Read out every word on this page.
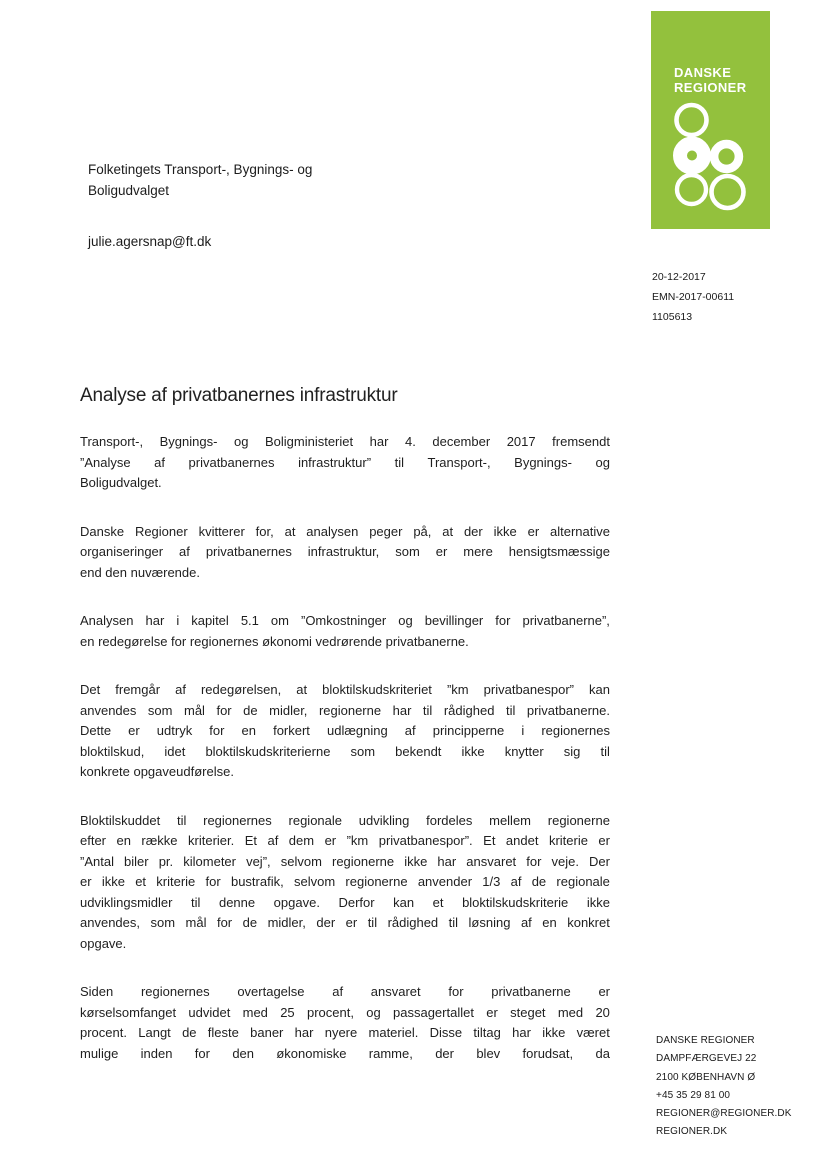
DANSKE
REGIONER
Folketingets Transport-, Bygnings- og
Boligudvalget
julie.agersnap@ft.dk
20-12-2017
EMN-2017-00611
1105613
Analyse af privatbanernes infrastruktur
Transport-, Bygnings- og Boligministeriet har 4. december 2017 fremsendt
”Analyse af privatbanernes infrastruktur” til Transport-, Bygnings- og
Boligudvalget.
Danske Regioner kvitterer for, at analysen peger på, at der ikke er alternative
organiseringer af privatbanernes infrastruktur, som er mere hensigtsmæssige
end den nuværende.
Analysen har i kapitel 5.1 om ”Omkostninger og bevillinger for privatbanerne”,
en redegørelse for regionernes økonomi vedrørende privatbanerne.
Det fremgår af redegørelsen, at bloktilskudskriteriet ”km privatbanespor” kan
anvendes som mål for de midler, regionerne har til rådighed til privatbanerne.
Dette er udtryk for en forkert udlægning af principperne i regionernes
bloktilskud, idet bloktilskudskriterierne som bekendt ikke knytter sig til
konkrete opgaveudførelse.
Bloktilskuddet til regionernes regionale udvikling fordeles mellem regionerne
efter en række kriterier. Et af dem er ”km privatbanespor”. Et andet kriterie er
”Antal biler pr. kilometer vej”, selvom regionerne ikke har ansvaret for veje. Der
er ikke et kriterie for bustrafik, selvom regionerne anvender 1/3 af de regionale
udviklingsmidler til denne opgave. Derfor kan et bloktilskudskriterie ikke
anvendes, som mål for de midler, der er til rådighed til løsning af en konkret
opgave.
Siden regionernes overtagelse af ansvaret for privatbanerne er
kørselsomfanget udvidet med 25 procent, og passagertallet er steget med 20
procent. Langt de fleste baner har nyere materiel. Disse tiltag har ikke været
mulige inden for den økonomiske ramme, der blev forudsat, da
DANSKE REGIONER
DAMPFÆRGEVEJ 22
2100 KØBENHAVN Ø
+45 35 29 81 00
REGIONER@REGIONER.DK
REGIONER.DK
